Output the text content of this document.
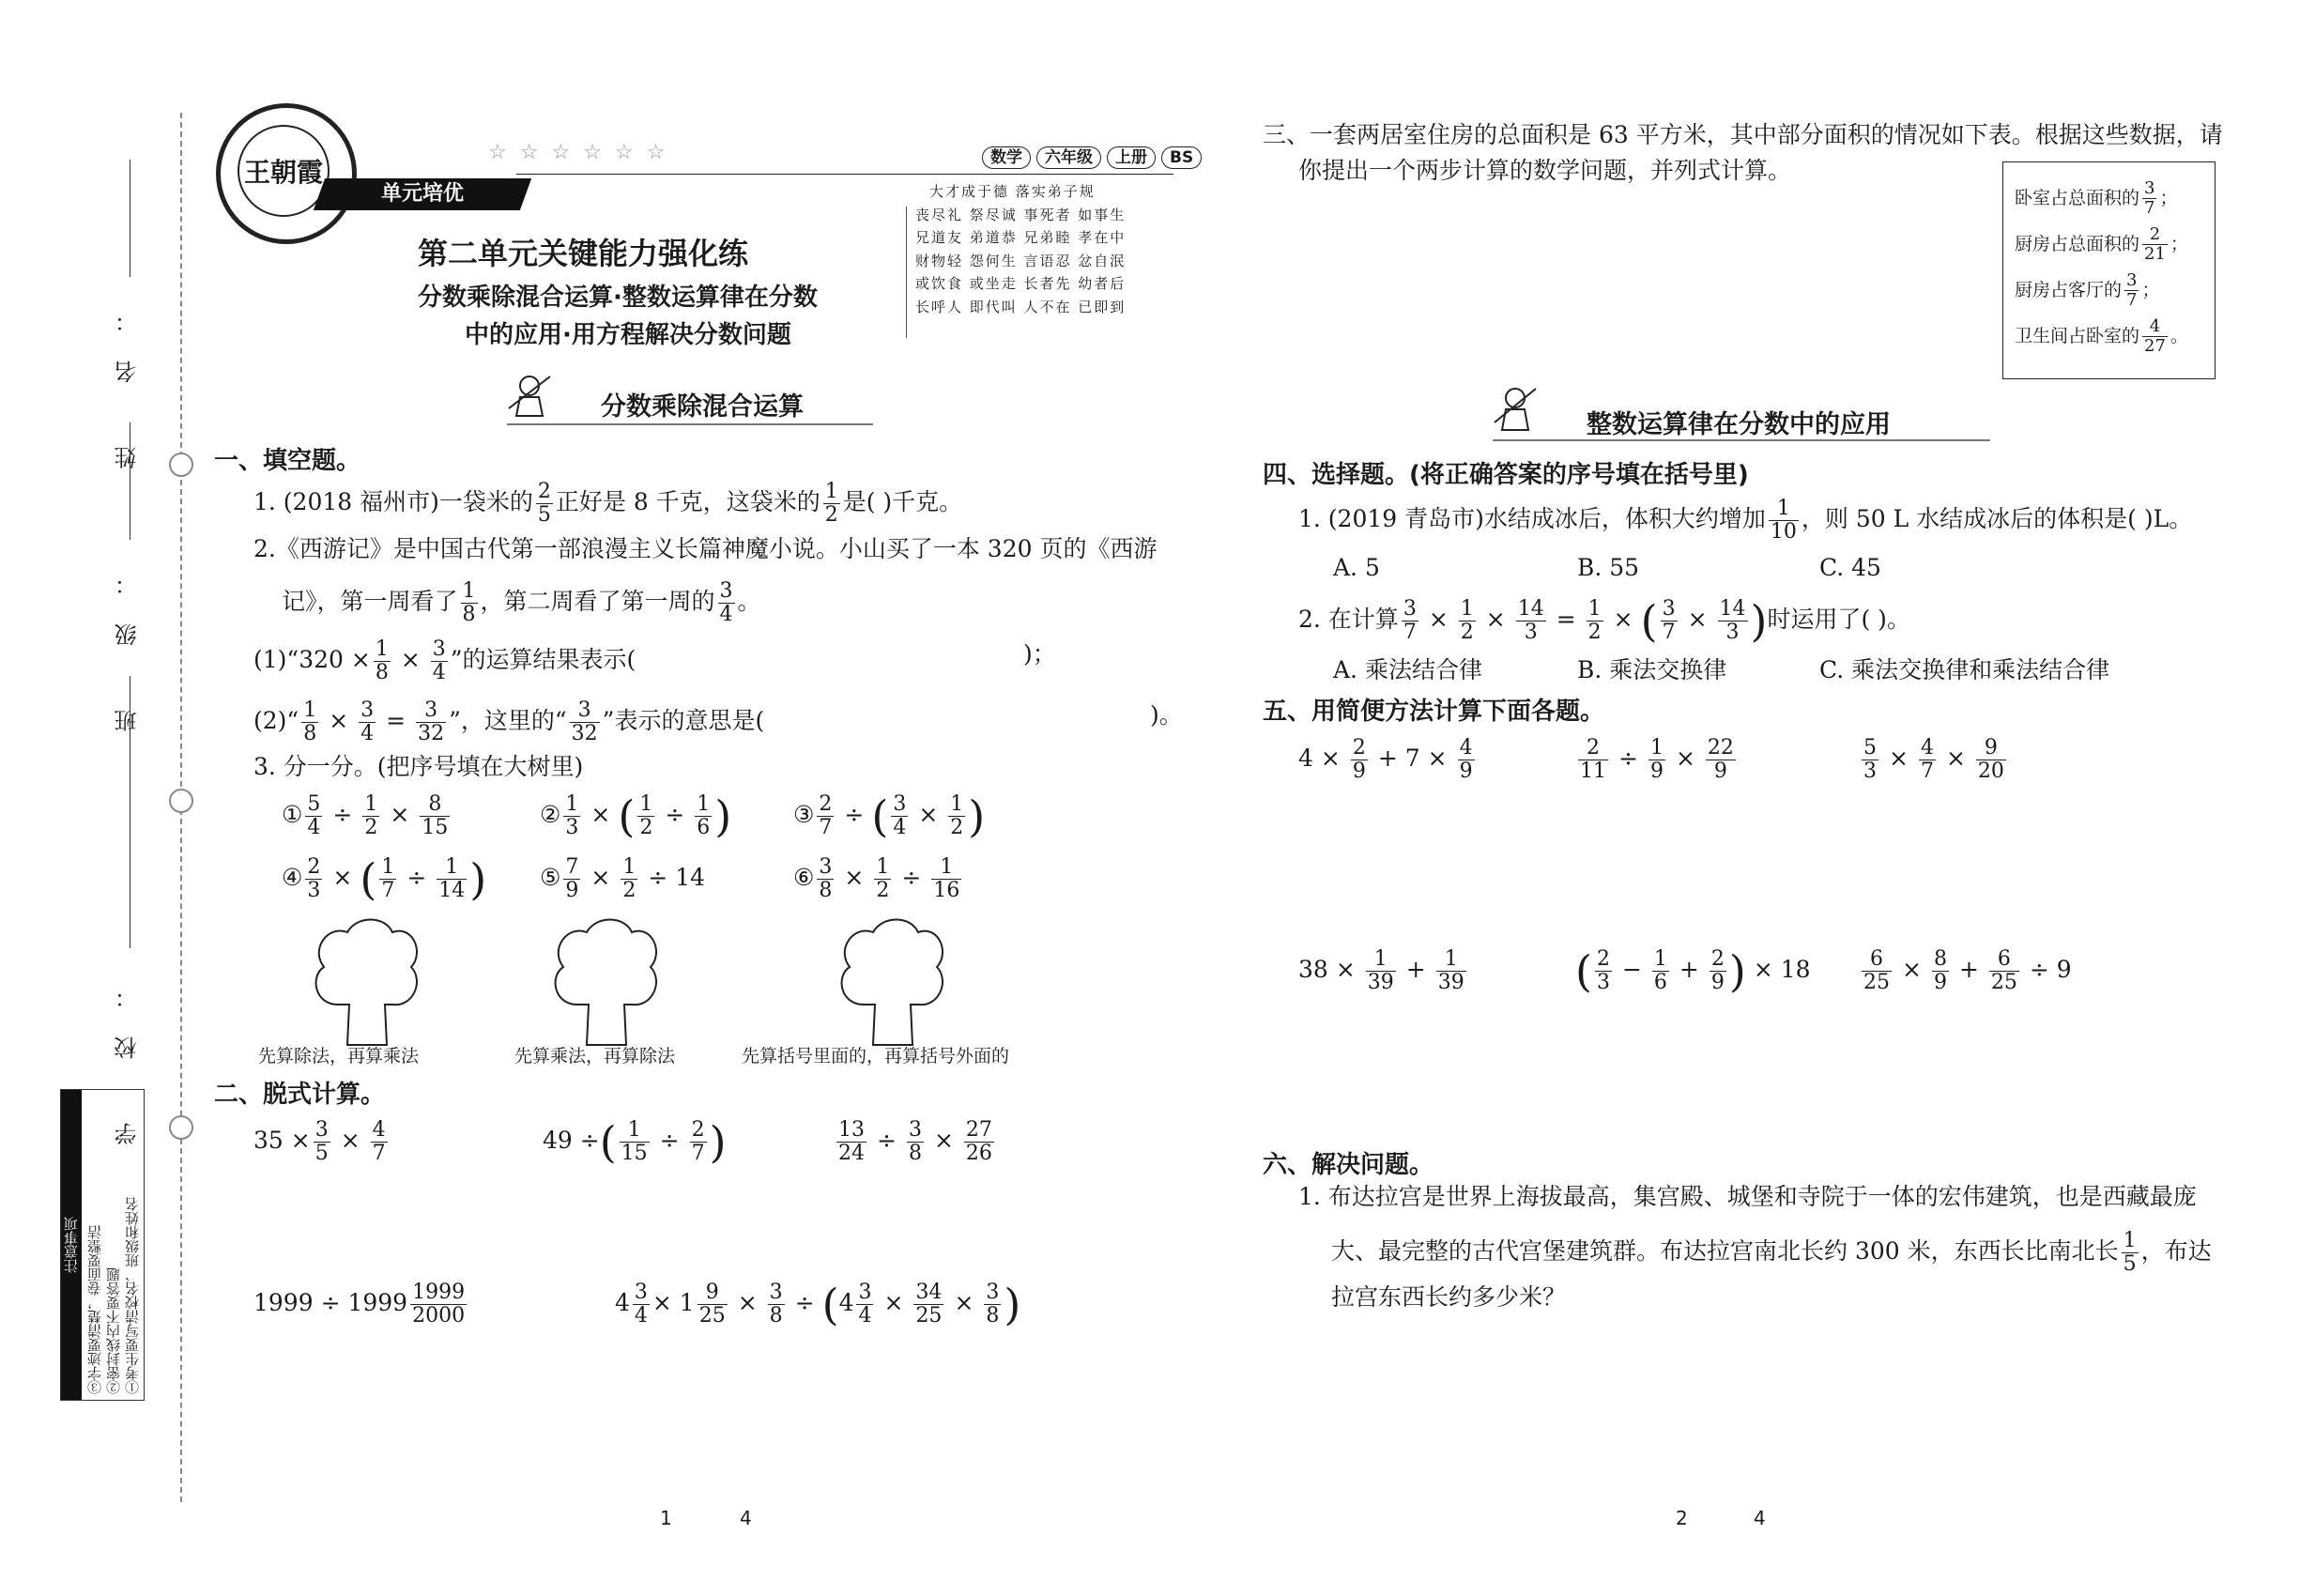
姓 名：
班 级：
学 校：
注意事项 ③字迹要清楚，卷面要整洁 ②密封线内不要答题 ①考生要写清校名、班级和姓名
王朝霞
☆☆☆☆☆☆	数学 六年级 上册 BS
单元培优
第二单元关键能力强化练
分数乘除混合运算·整数运算律在分数
中的应用·用方程解决分数问题
大才成于德 落实弟子规
丧尽礼 祭尽诚 事死者 如事生
兄道友 弟道恭 兄弟睦 孝在中
财物轻 怨何生 言语忍 忿自泯
或饮食 或坐走 长者先 幼者后
长呼人 即代叫 人不在 已即到
分数乘除混合运算
一、填空题。
1. (2018 福州市)一袋米的 $\frac{2}{5}$ 正好是 8 千克，这袋米的 $\frac{1}{2}$ 是( )千克。
2.《西游记》是中国古代第一部浪漫主义长篇神魔小说。小山买了一本 320 页的《西游
记》，第一周看了 $\frac{1}{8}$ ，第二周看了第一周的 $\frac{3}{4}$ 。
(1)“320 × $\frac{1}{8} \times \frac{3}{4}$ ”的运算结果表示(	)；
(2)“ $\frac{1}{8} \times \frac{3}{4} = \frac{3}{32}$ ”，这里的“ $\frac{3}{32}$ ”表示的意思是(	)。
3. 分一分。(把序号填在大树里)
① $\frac{5}{4} \div \frac{1}{2} \times \frac{8}{15}$	② $\frac{1}{3}$ × ( $\frac{1}{2} \div \frac{1}{6}$ )	③ $\frac{2}{7}$ ÷ ( $\frac{3}{4} \times \frac{1}{2}$ )
④ $\frac{2}{3}$ × ( $\frac{1}{7} \div \frac{1}{14}$ ) ⑤ $\frac{7}{9} \times \frac{1}{2} \div 14$	⑥ $\frac{3}{8} \times \frac{1}{2} \div \frac{1}{16}$
先算除法，再算乘法	先算乘法，再算除法	先算括号里面的，再算括号外面的
二、脱式计算。
$35 \times \frac{3}{5} \times \frac{4}{7}$	49 ÷( $\frac{1}{15} \div \frac{2}{7}$ )	$\frac{13}{24} \div \frac{3}{8} \times \frac{27}{26}$
$1999 \div 1999 \frac{1999}{2000}$	$4 \frac{3}{4} \times 1 \frac{9}{25} \times \frac{3}{8} \div (4 \frac{3}{4} \times \frac{34}{25} \times \frac{3}{8}$ )
1	4
三、一套两居室住房的总面积是 63 平方米，其中部分面积的情况如下表。根据这些数据，请
你提出一个两步计算的数学问题，并列式计算。
卧室占总面积的 3
7 ；
厨房占总面积的 2
21 ；
厨房占客厅的 3
7 ；
卫生间占卧室的 4
27 。
整数运算律在分数中的应用
四、选择题。(将正确答案的序号填在括号里)
1. (2019 青岛市)水结成冰后，体积大约增加 $\frac{1}{10}$ ，则 50 L 水结成冰后的体积是( )L。
A. 5	B. 55	C. 45
2. 在计算 $\frac{3}{7} \times \frac{1}{2} \times \frac{14}{3} = \frac{1}{2}$ × ( $\frac{3}{7} \times \frac{14}{3}$ )时运用了( )。
A. 乘法结合律	B. 乘法交换律	C. 乘法交换律和乘法结合律
五、用简便方法计算下面各题。
$4 \times \frac{2}{9} + 7 \times \frac{4}{9}$	$\frac{2}{11} \div \frac{1}{9} \times \frac{22}{9}$	$\frac{5}{3} \times \frac{4}{7} \times \frac{9}{20}$
$38 \times \frac{1}{39} + \frac{1}{39}$	( $\frac{2}{3} - \frac{1}{6} + \frac{2}{9}$ ) × 18	$\frac{6}{25} \times \frac{8}{9} + \frac{6}{25} \div 9$
六、解决问题。
1. 布达拉宫是世界上海拔最高，集宫殿、城堡和寺院于一体的宏伟建筑，也是西藏最庞
大、最完整的古代宫堡建筑群。布达拉宫南北长约 300 米，东西长比南北长 $\frac{1}{5}$ ，布达
拉宫东西长约多少米？
2	4
